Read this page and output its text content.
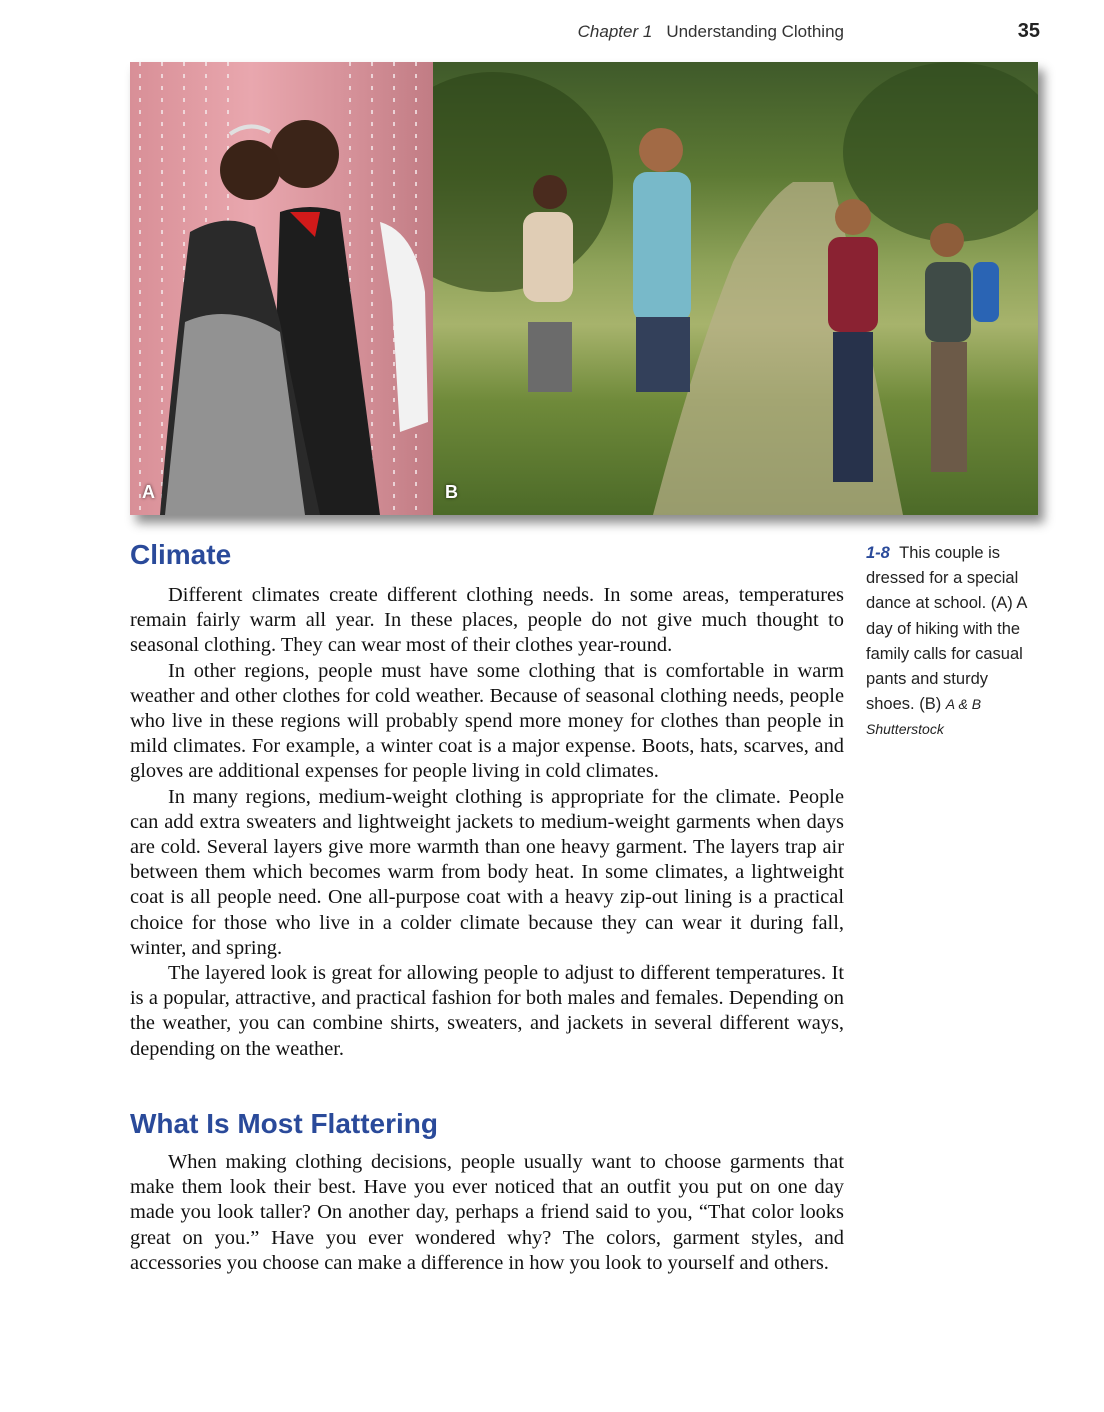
Chapter 1 Understanding Clothing	35
A	B
Climate

Different climates create different clothing needs. In some areas, temperatures remain fairly warm all year. In these places, people do not give much thought to seasonal clothing. They can wear most of their clothes year-round.

In other regions, people must have some clothing that is comfortable in warm weather and other clothes for cold weather. Because of seasonal clothing needs, people who live in these regions will probably spend more money for clothes than people in mild climates. For example, a winter coat is a major expense. Boots, hats, scarves, and gloves are additional expenses for people living in cold climates.

In many regions, medium-weight clothing is appropriate for the climate. People can add extra sweaters and lightweight jackets to medium-weight garments when days are cold. Several layers give more warmth than one heavy garment. The layers trap air between them which becomes warm from body heat. In some climates, a lightweight coat is all people need. One all-purpose coat with a heavy zip-out lining is a practical choice for those who live in a colder climate because they can wear it during fall, winter, and spring.

The layered look is great for allowing people to adjust to different temperatures. It is a popular, attractive, and practical fashion for both males and females. Depending on the weather, you can combine shirts, sweaters, and jackets in several different ways, depending on the weather.

What Is Most Flattering

When making clothing decisions, people usually want to choose garments that make them look their best. Have you ever noticed that an outfit you put on one day made you look taller? On another day, perhaps a friend said to you, “That color looks great on you.” Have you ever wondered why? The colors, garment styles, and accessories you choose can make a difference in how you look to yourself and others.

1-8 This couple is dressed for a special dance at school. (A) A day of hiking with the family calls for casual pants and sturdy shoes. (B) A & B Shutterstock
